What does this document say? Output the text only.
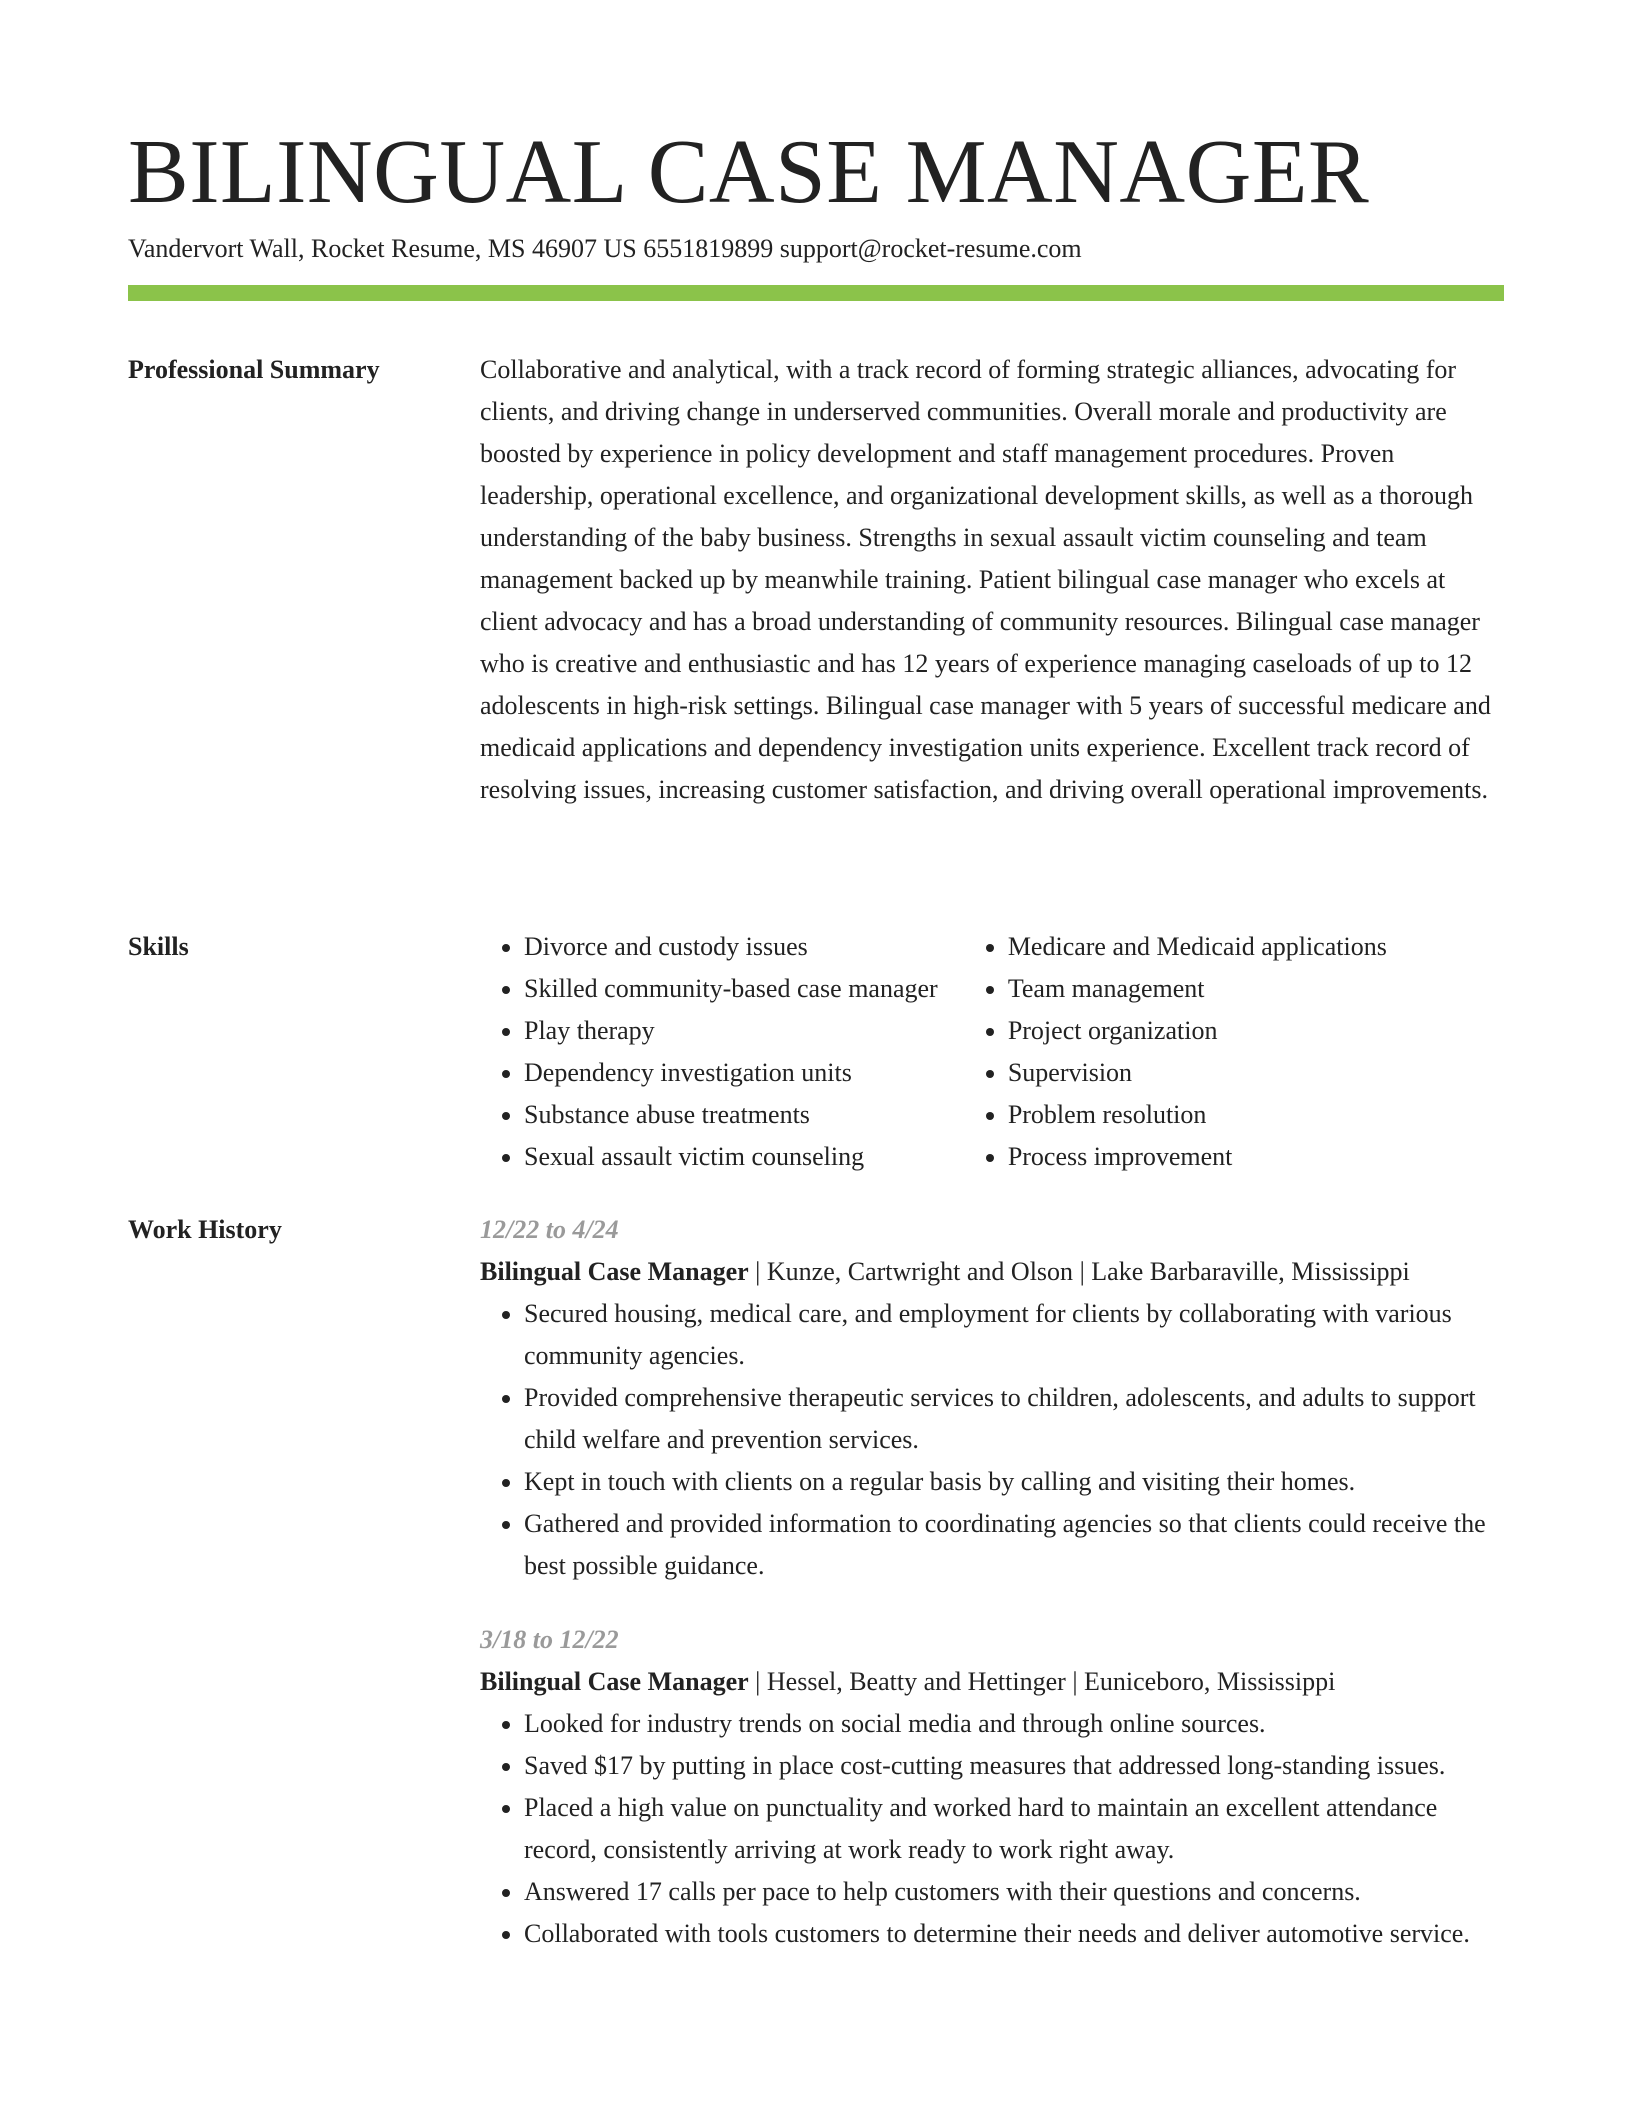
BILINGUAL CASE MANAGER
Vandervort Wall, Rocket Resume, MS 46907 US 6551819899 support@rocket-resume.com
Professional Summary	Collaborative and analytical, with a track record of forming strategic alliances, advocating for clients, and driving change in underserved communities. Overall morale and productivity are boosted by experience in policy development and staff management procedures. Proven leadership, operational excellence, and organizational development skills, as well as a thorough understanding of the baby business. Strengths in sexual assault victim counseling and team management backed up by meanwhile training. Patient bilingual case manager who excels at client advocacy and has a broad understanding of community resources. Bilingual case manager who is creative and enthusiastic and has 12 years of experience managing caseloads of up to 12 adolescents in high-risk settings. Bilingual case manager with 5 years of successful medicare and medicaid applications and dependency investigation units experience. Excellent track record of resolving issues, increasing customer satisfaction, and driving overall operational improvements.

Skills
•	Divorce and custody issues
• Skilled community-based case manager
• Play therapy
• Dependency investigation units
• Substance abuse treatments
• Sexual assault victim counseling
• Medicare and Medicaid applications
• Team management
• Project organization
• Supervision
• Problem resolution
• Process improvement
Work History	12/22 to 4/24
Bilingual Case Manager | Kunze, Cartwright and Olson | Lake Barbaraville, Mississippi
• Secured housing, medical care, and employment for clients by collaborating with various community agencies.
• Provided comprehensive therapeutic services to children, adolescents, and adults to support child welfare and prevention services.
• Kept in touch with clients on a regular basis by calling and visiting their homes.
• Gathered and provided information to coordinating agencies so that clients could receive the best possible guidance.
3/18 to 12/22
Bilingual Case Manager | Hessel, Beatty and Hettinger | Euniceboro, Mississippi
• Looked for industry trends on social media and through online sources.
• Saved $17 by putting in place cost-cutting measures that addressed long-standing issues.
• Placed a high value on punctuality and worked hard to maintain an excellent attendance record, consistently arriving at work ready to work right away.
• Answered 17 calls per pace to help customers with their questions and concerns.
• Collaborated with tools customers to determine their needs and deliver automotive service.
